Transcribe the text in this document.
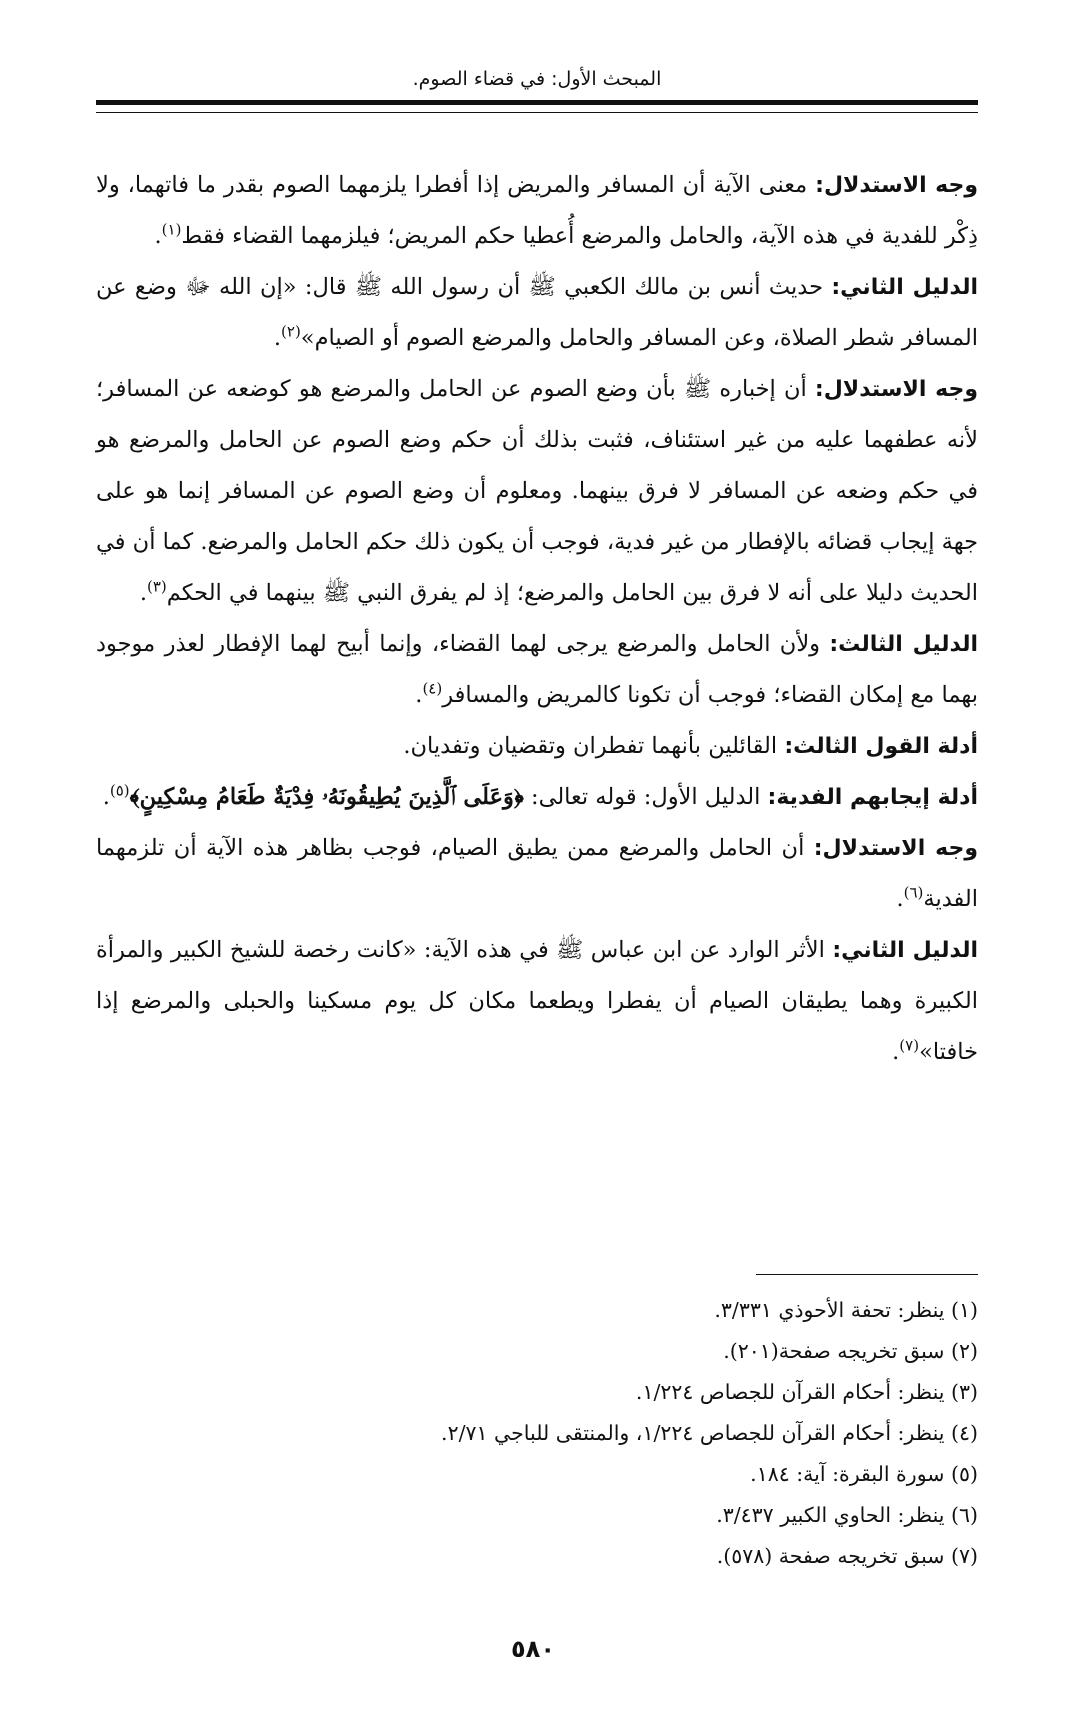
المبحث الأول: في قضاء الصوم.

وجه الاستدلال: معنى الآية أن المسافر والمريض إذا أفطرا يلزمهما الصوم بقدر ما فاتهما، ولا ذِكْر للفدية في هذه الآية، والحامل والمرضع أُعطيا حكم المريض؛ فيلزمهما القضاء فقط$^{(١)}$.

الدليل الثاني: حديث أنس بن مالك الكعبي ﷺ أن رسول الله ﷺ قال: «إن الله ﷻ وضع عن المسافر شطر الصلاة، وعن المسافر والحامل والمرضع الصوم أو الصيام»$^{(٢)}$.

وجه الاستدلال: أن إخباره ﷺ بأن وضع الصوم عن الحامل والمرضع هو كوضعه عن المسافر؛ لأنه عطفهما عليه من غير استئناف، فثبت بذلك أن حكم وضع الصوم عن الحامل والمرضع هو في حكم وضعه عن المسافر لا فرق بينهما. ومعلوم أن وضع الصوم عن المسافر إنما هو على جهة إيجاب قضائه بالإفطار من غير فدية، فوجب أن يكون ذلك حكم الحامل والمرضع. كما أن في الحديث دليلا على أنه لا فرق بين الحامل والمرضع؛ إذ لم يفرق النبي ﷺ بينهما في الحكم$^{(٣)}$.

الدليل الثالث: ولأن الحامل والمرضع يرجى لهما القضاء، وإنما أبيح لهما الإفطار لعذر موجود بهما مع إمكان القضاء؛ فوجب أن تكونا كالمريض والمسافر$^{(٤)}$.

أدلة القول الثالث: القائلين بأنهما تفطران وتقضيان وتفديان.

أدلة إيجابهم الفدية: الدليل الأول: قوله تعالى: ﴿وَعَلَى ٱلَّذِينَ يُطِيقُونَهُۥ فِدْيَةٌ طَعَامُ مِسْكِينٍ﴾$^{(٥)}$.

وجه الاستدلال: أن الحامل والمرضع ممن يطيق الصيام، فوجب بظاهر هذه الآية أن تلزمهما الفدية$^{(٦)}$.

الدليل الثاني: الأثر الوارد عن ابن عباس ﷺ في هذه الآية: «كانت رخصة للشيخ الكبير والمرأة الكبيرة وهما يطيقان الصيام أن يفطرا ويطعما مكان كل يوم مسكينا والحبلى والمرضع إذا خافتا»$^{(٧)}$.

(١) ينظر: تحفة الأحوذي ٣/٣٣١.

(٢) سبق تخريجه صفحة(٢٠١).

(٣) ينظر: أحكام القرآن للجصاص ١/٢٢٤.

(٤) ينظر: أحكام القرآن للجصاص ١/٢٢٤، والمنتقى للباجي ٢/٧١.

(٥) سورة البقرة: آية: ١٨٤.

(٦) ينظر: الحاوي الكبير ٣/٤٣٧.

(٧) سبق تخريجه صفحة (٥٧٨).

٥٨٠
